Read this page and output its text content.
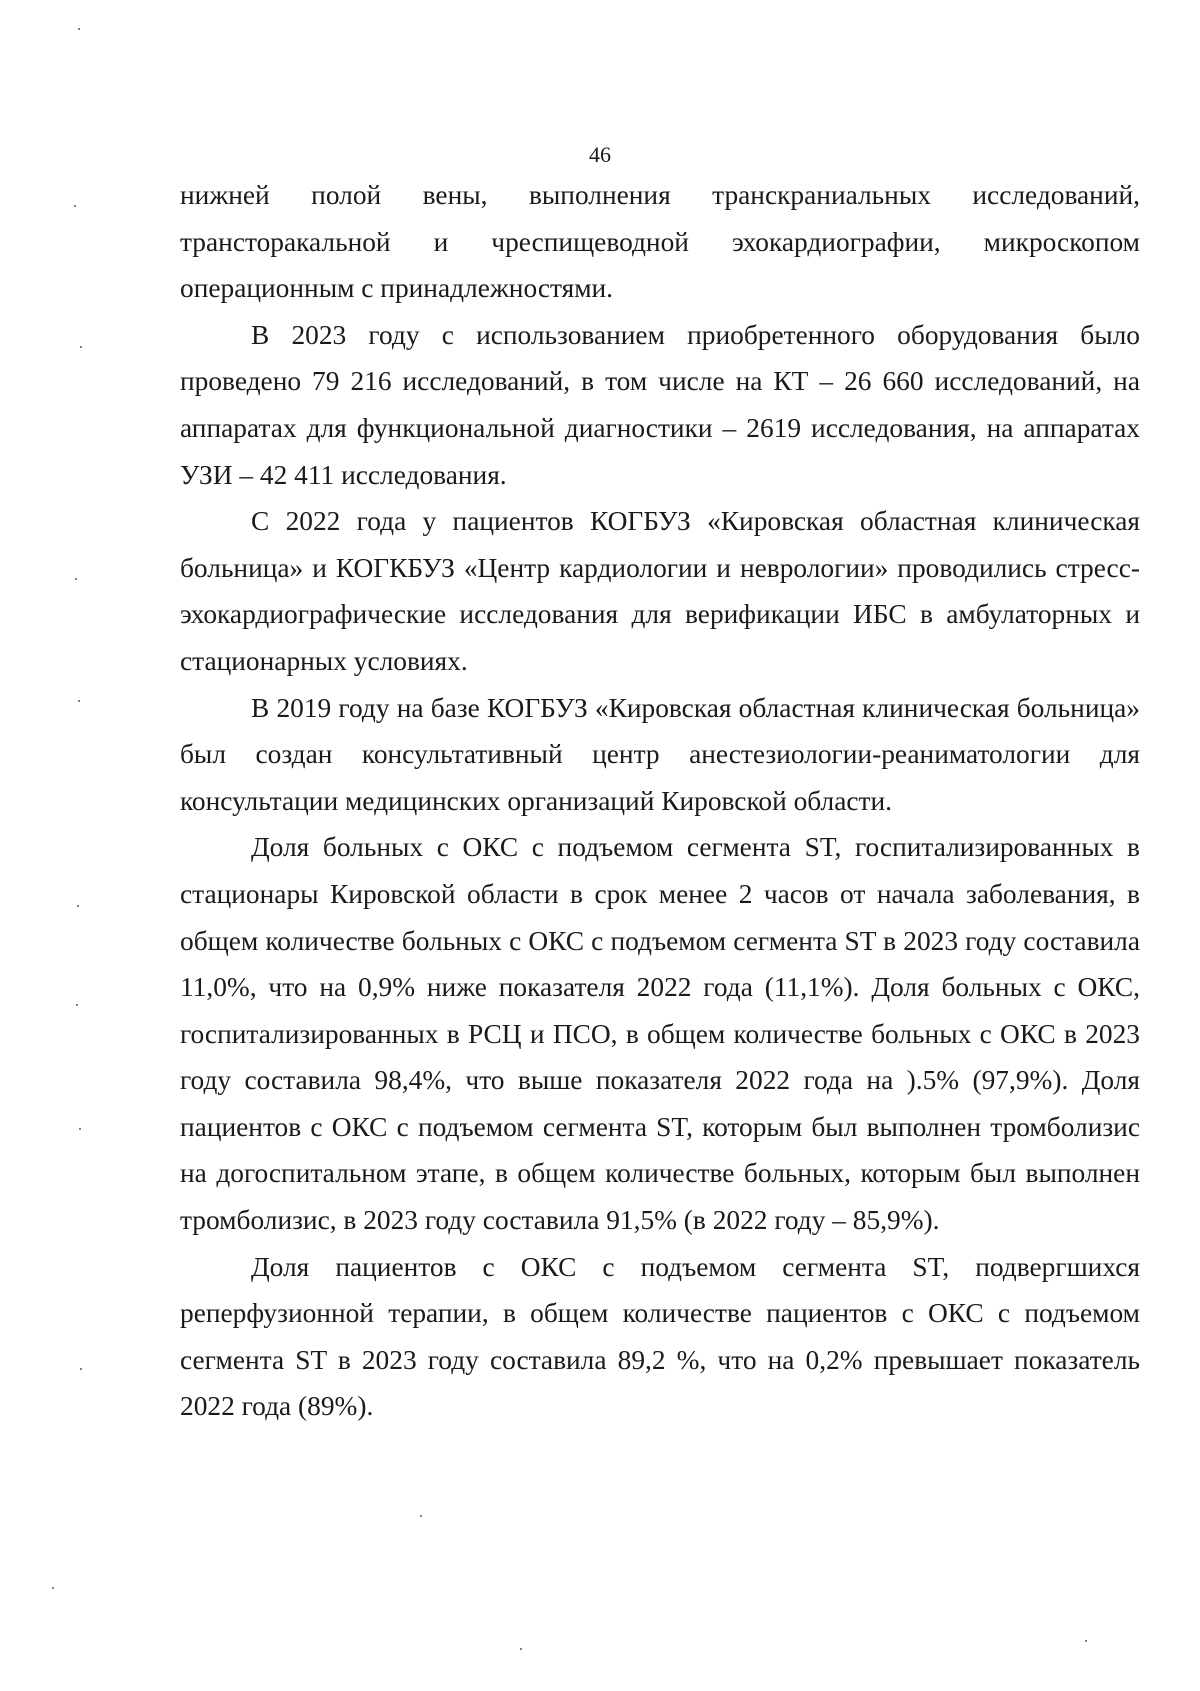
46

нижней полой вены, выполнения транскраниальных исследований, трансторакальной и чреспищеводной эхокардиографии, микроскопом операционным с принадлежностями.

В 2023 году с использованием приобретенного оборудования было проведено 79 216 исследований, в том числе на КТ – 26 660 исследований, на аппаратах для функциональной диагностики – 2619 исследования, на аппаратах УЗИ – 42 411 исследования.

С 2022 года у пациентов КОГБУЗ «Кировская областная клиническая больница» и КОГКБУЗ «Центр кардиологии и неврологии» проводились стресс- эхокардиографические исследования для верификации ИБС в амбулаторных и стационарных условиях.

В 2019 году на базе КОГБУЗ «Кировская областная клиническая больница» был создан консультативный центр анестезиологии-реаниматологии для консультации медицинских организаций Кировской области.

Доля больных с ОКС с подъемом сегмента ST, госпитализированных в стационары Кировской области в срок менее 2 часов от начала заболевания, в общем количестве больных с ОКС с подъемом сегмента ST в 2023 году составила 11,0%, что на 0,9% ниже показателя 2022 года (11,1%). Доля больных с ОКС, госпитализированных в РСЦ и ПСО, в общем количестве больных с ОКС в 2023 году составила 98,4%, что выше показателя 2022 года на ).5% (97,9%). Доля пациентов с ОКС с подъемом сегмента ST, которым был выполнен тромболизис на догоспитальном этапе, в общем количестве больных, которым был выполнен тромболизис, в 2023 году составила 91,5% (в 2022 году – 85,9%).

Доля пациентов с ОКС с подъемом сегмента ST, подвергшихся реперфузионной терапии, в общем количестве пациентов с ОКС с подъемом сегмента ST в 2023 году составила 89,2 %, что на 0,2% превышает показатель 2022 года (89%).
